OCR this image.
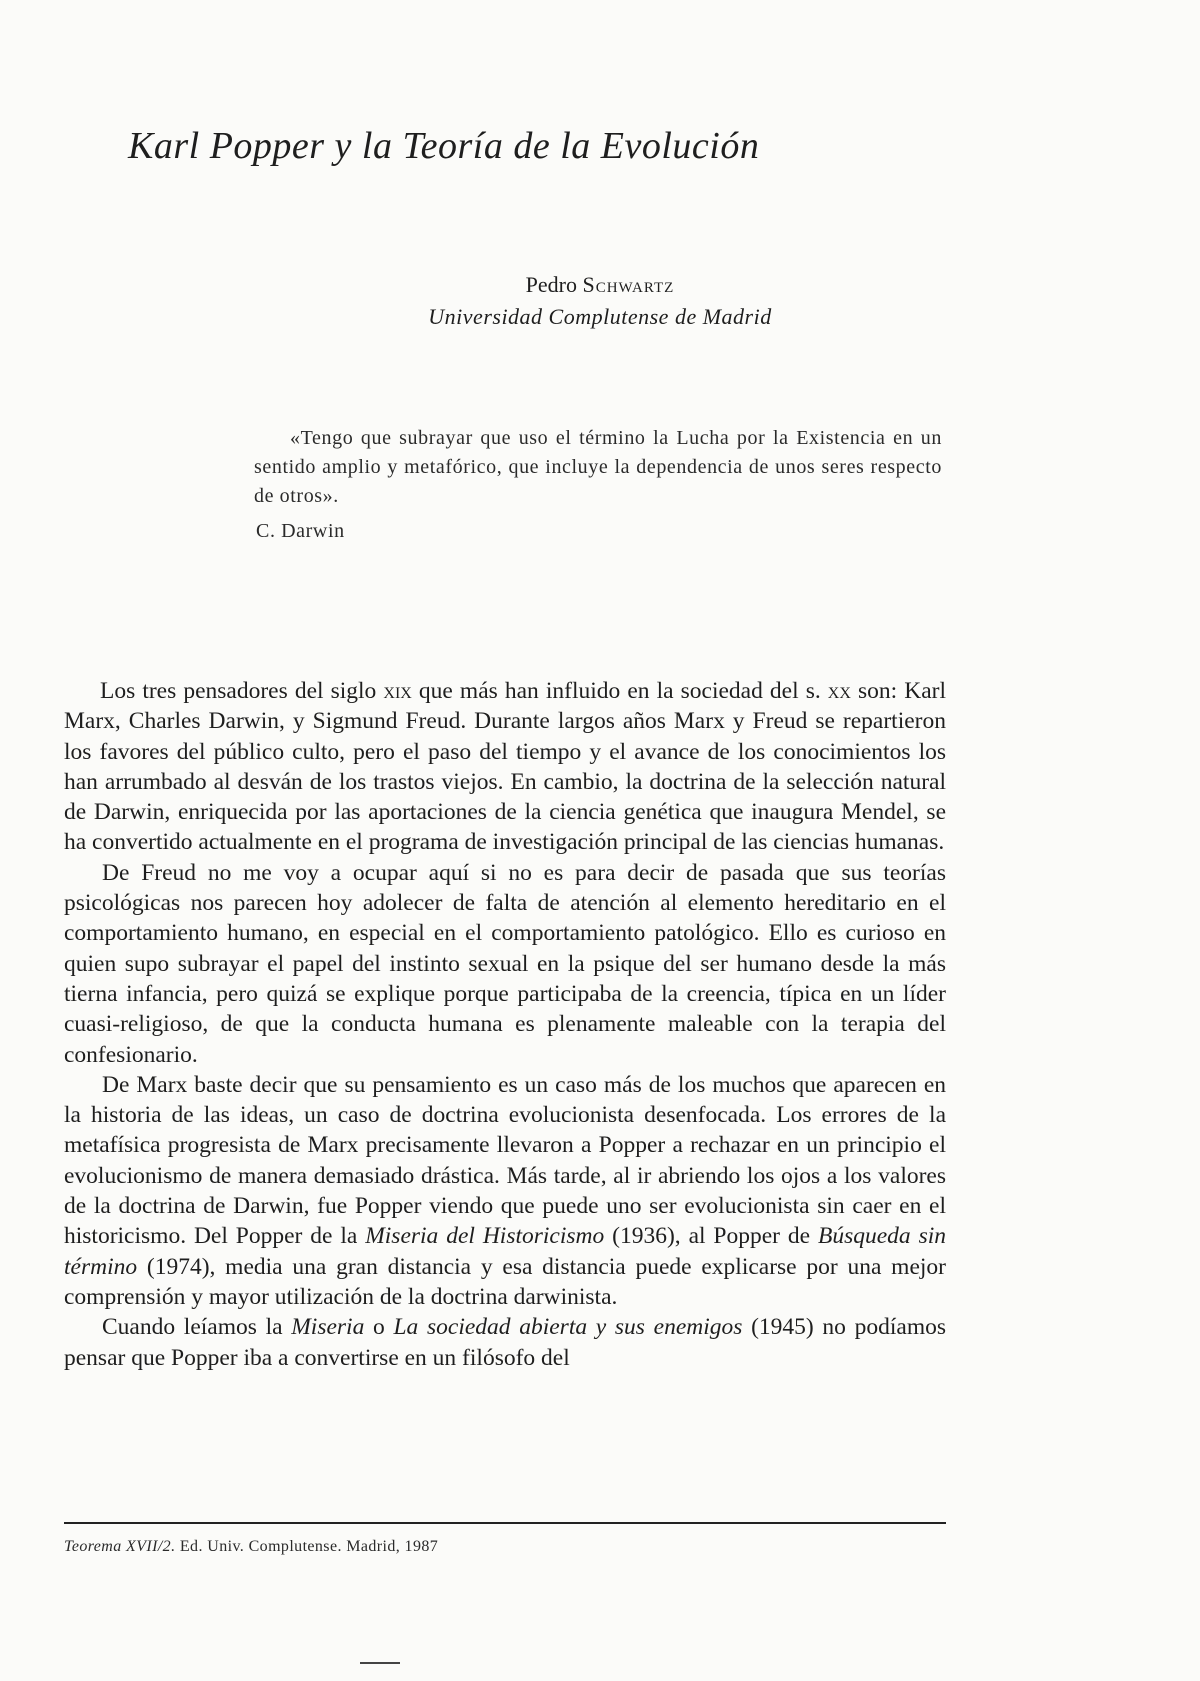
Karl Popper y la Teoría de la Evolución
Pedro Schwartz
Universidad Complutense de Madrid

«Tengo que subrayar que uso el término la Lucha por la Existencia en un sentido amplio y metafórico, que incluye la dependencia de unos seres respecto de otros».

C. Darwin

Los tres pensadores del siglo xix que más han influido en la sociedad del s. xx son: Karl Marx, Charles Darwin, y Sigmund Freud. Durante largos años Marx y Freud se repartieron los favores del público culto, pero el paso del tiempo y el avance de los conocimientos los han arrumbado al desván de los trastos viejos. En cambio, la doctrina de la selección natural de Darwin, enriquecida por las aportaciones de la ciencia genética que inaugura Mendel, se ha convertido actualmente en el programa de investigación principal de las ciencias humanas.

De Freud no me voy a ocupar aquí si no es para decir de pasada que sus teorías psicológicas nos parecen hoy adolecer de falta de atención al elemento hereditario en el comportamiento humano, en especial en el comportamiento patológico. Ello es curioso en quien supo subrayar el papel del instinto sexual en la psique del ser humano desde la más tierna infancia, pero quizá se explique porque participaba de la creencia, típica en un líder cuasi-religioso, de que la conducta humana es plenamente maleable con la terapia del confesionario.

De Marx baste decir que su pensamiento es un caso más de los muchos que aparecen en la historia de las ideas, un caso de doctrina evolucionista desenfocada. Los errores de la metafísica progresista de Marx precisamente llevaron a Popper a rechazar en un principio el evolucionismo de manera demasiado drástica. Más tarde, al ir abriendo los ojos a los valores de la doctrina de Darwin, fue Popper viendo que puede uno ser evolucionista sin caer en el historicismo. Del Popper de la Miseria del Historicismo (1936), al Popper de Búsqueda sin término (1974), media una gran distancia y esa distancia puede explicarse por una mejor comprensión y mayor utilización de la doctrina darwinista.

Cuando leíamos la Miseria o La sociedad abierta y sus enemigos (1945) no podíamos pensar que Popper iba a convertirse en un filósofo del

Teorema XVII/2. Ed. Univ. Complutense. Madrid, 1987
